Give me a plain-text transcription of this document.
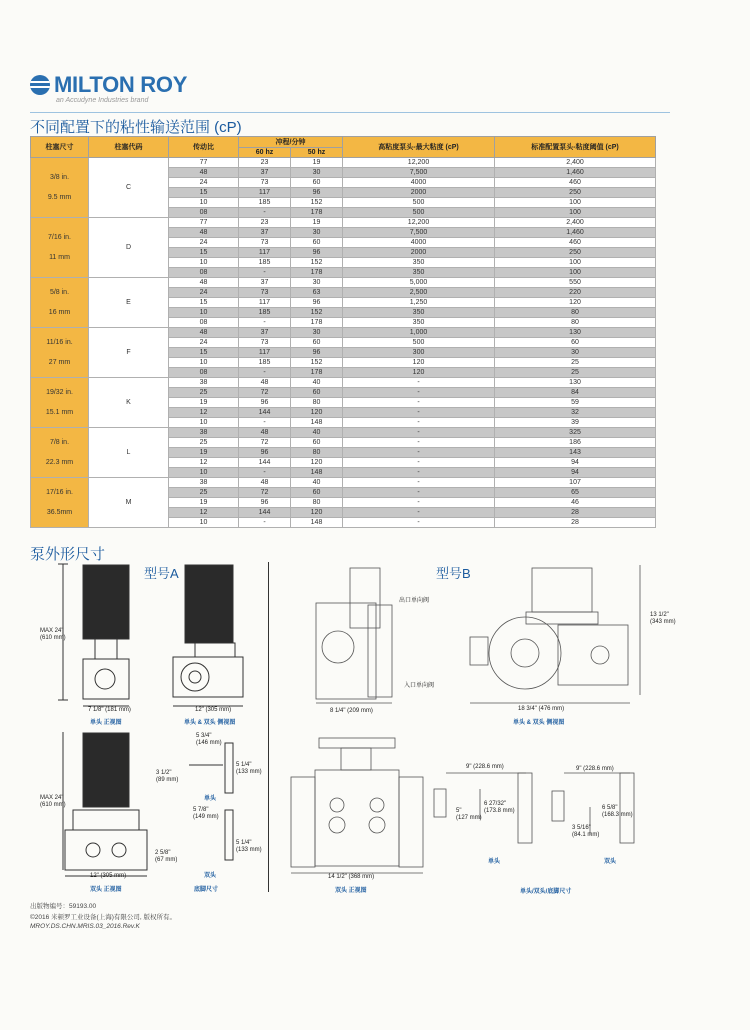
MILTON ROY
an Accudyne Industries brand
不同配置下的粘性输送范围 (cP)
柱塞尺寸	柱塞代码	传动比	冲程/分钟		高粘度泵头-最大粘度 (cP)	标准配置泵头-粘度阈值 (cP)
			60 hz	50 hz		

3/8 in.
9.5 mm	C	77	23	19	12,200	2,400
		48	37	30	7,500	1,460
		24	73	60	4000	460
		15	117	96	2000	250
		10	185	152	500	100
		08	-	178	500	100

7/16 in.
11 mm	D	77	23	19	12,200	2,400
		48	37	30	7,500	1,460
		24	73	60	4000	460
		15	117	96	2000	250
		10	185	152	350	100
		08	-	178	350	100

5/8 in.
16 mm	E	48	37	30	5,000	550
		24	73	63	2,500	220
		15	117	96	1,250	120
		10	185	152	350	80
		08	-	178	350	80

11/16 in.
27 mm	F	48	37	30	1,000	130
		24	73	60	500	60
		15	117	96	300	30
		10	185	152	120	25
		08	-	178	120	25

19/32 in.
15.1 mm	K	38	48	40	-	130
		25	72	60	-	84
		19	96	80	-	59
		12	144	120	-	32
		10	-	148	-	39

7/8 in.
22.3 mm	L	38	48	40	-	325
		25	72	60	-	186
		19	96	80	-	143
		12	144	120	-	94
		10	-	148	-	94

17/16 in.
36.5mm	M	38	48	40	-	107
		25	72	60	-	65
		19	96	80	-	46
		12	144	120	-	28
		10	-	148	-	28
泵外形尺寸
型号A
MAX 24"
(610 mm)
7 1/8" (181 mm)	12" (305 mm)
单头 正视图	单头 & 双头 侧视图
MAX 24"
(610 mm)
12" (305 mm)
双头 正视图
5 3/4"
(146 mm)
3 1/2"
(89 mm)
5 1/4"
(133 mm)
单头
5 7/8"
(149 mm)
2 5/8"
(67 mm)
5 1/4"
(133 mm)
双头
底脚尺寸
型号B
出口单向阀
入口单向阀
13 1/2"
(343 mm)
8 1/4" (209 mm)	18 3/4" (476 mm)
单头 & 双头 侧视图
14 1/2" (368 mm)
双头 正视图
9" (228.6 mm)
5"
(127 mm)
6 27/32"
(173.8 mm)
单头
9" (228.6 mm)
6 5/8"
(168.3 mm)
3 5/16"
(84.1 mm)
双头
单头/双头/底脚尺寸
出版物编号：59193.00
©2016 米顿罗工业设备(上海)有限公司, 版权所有。
MROY.DS.CHN.MRIS.03_2016.Rev.K
